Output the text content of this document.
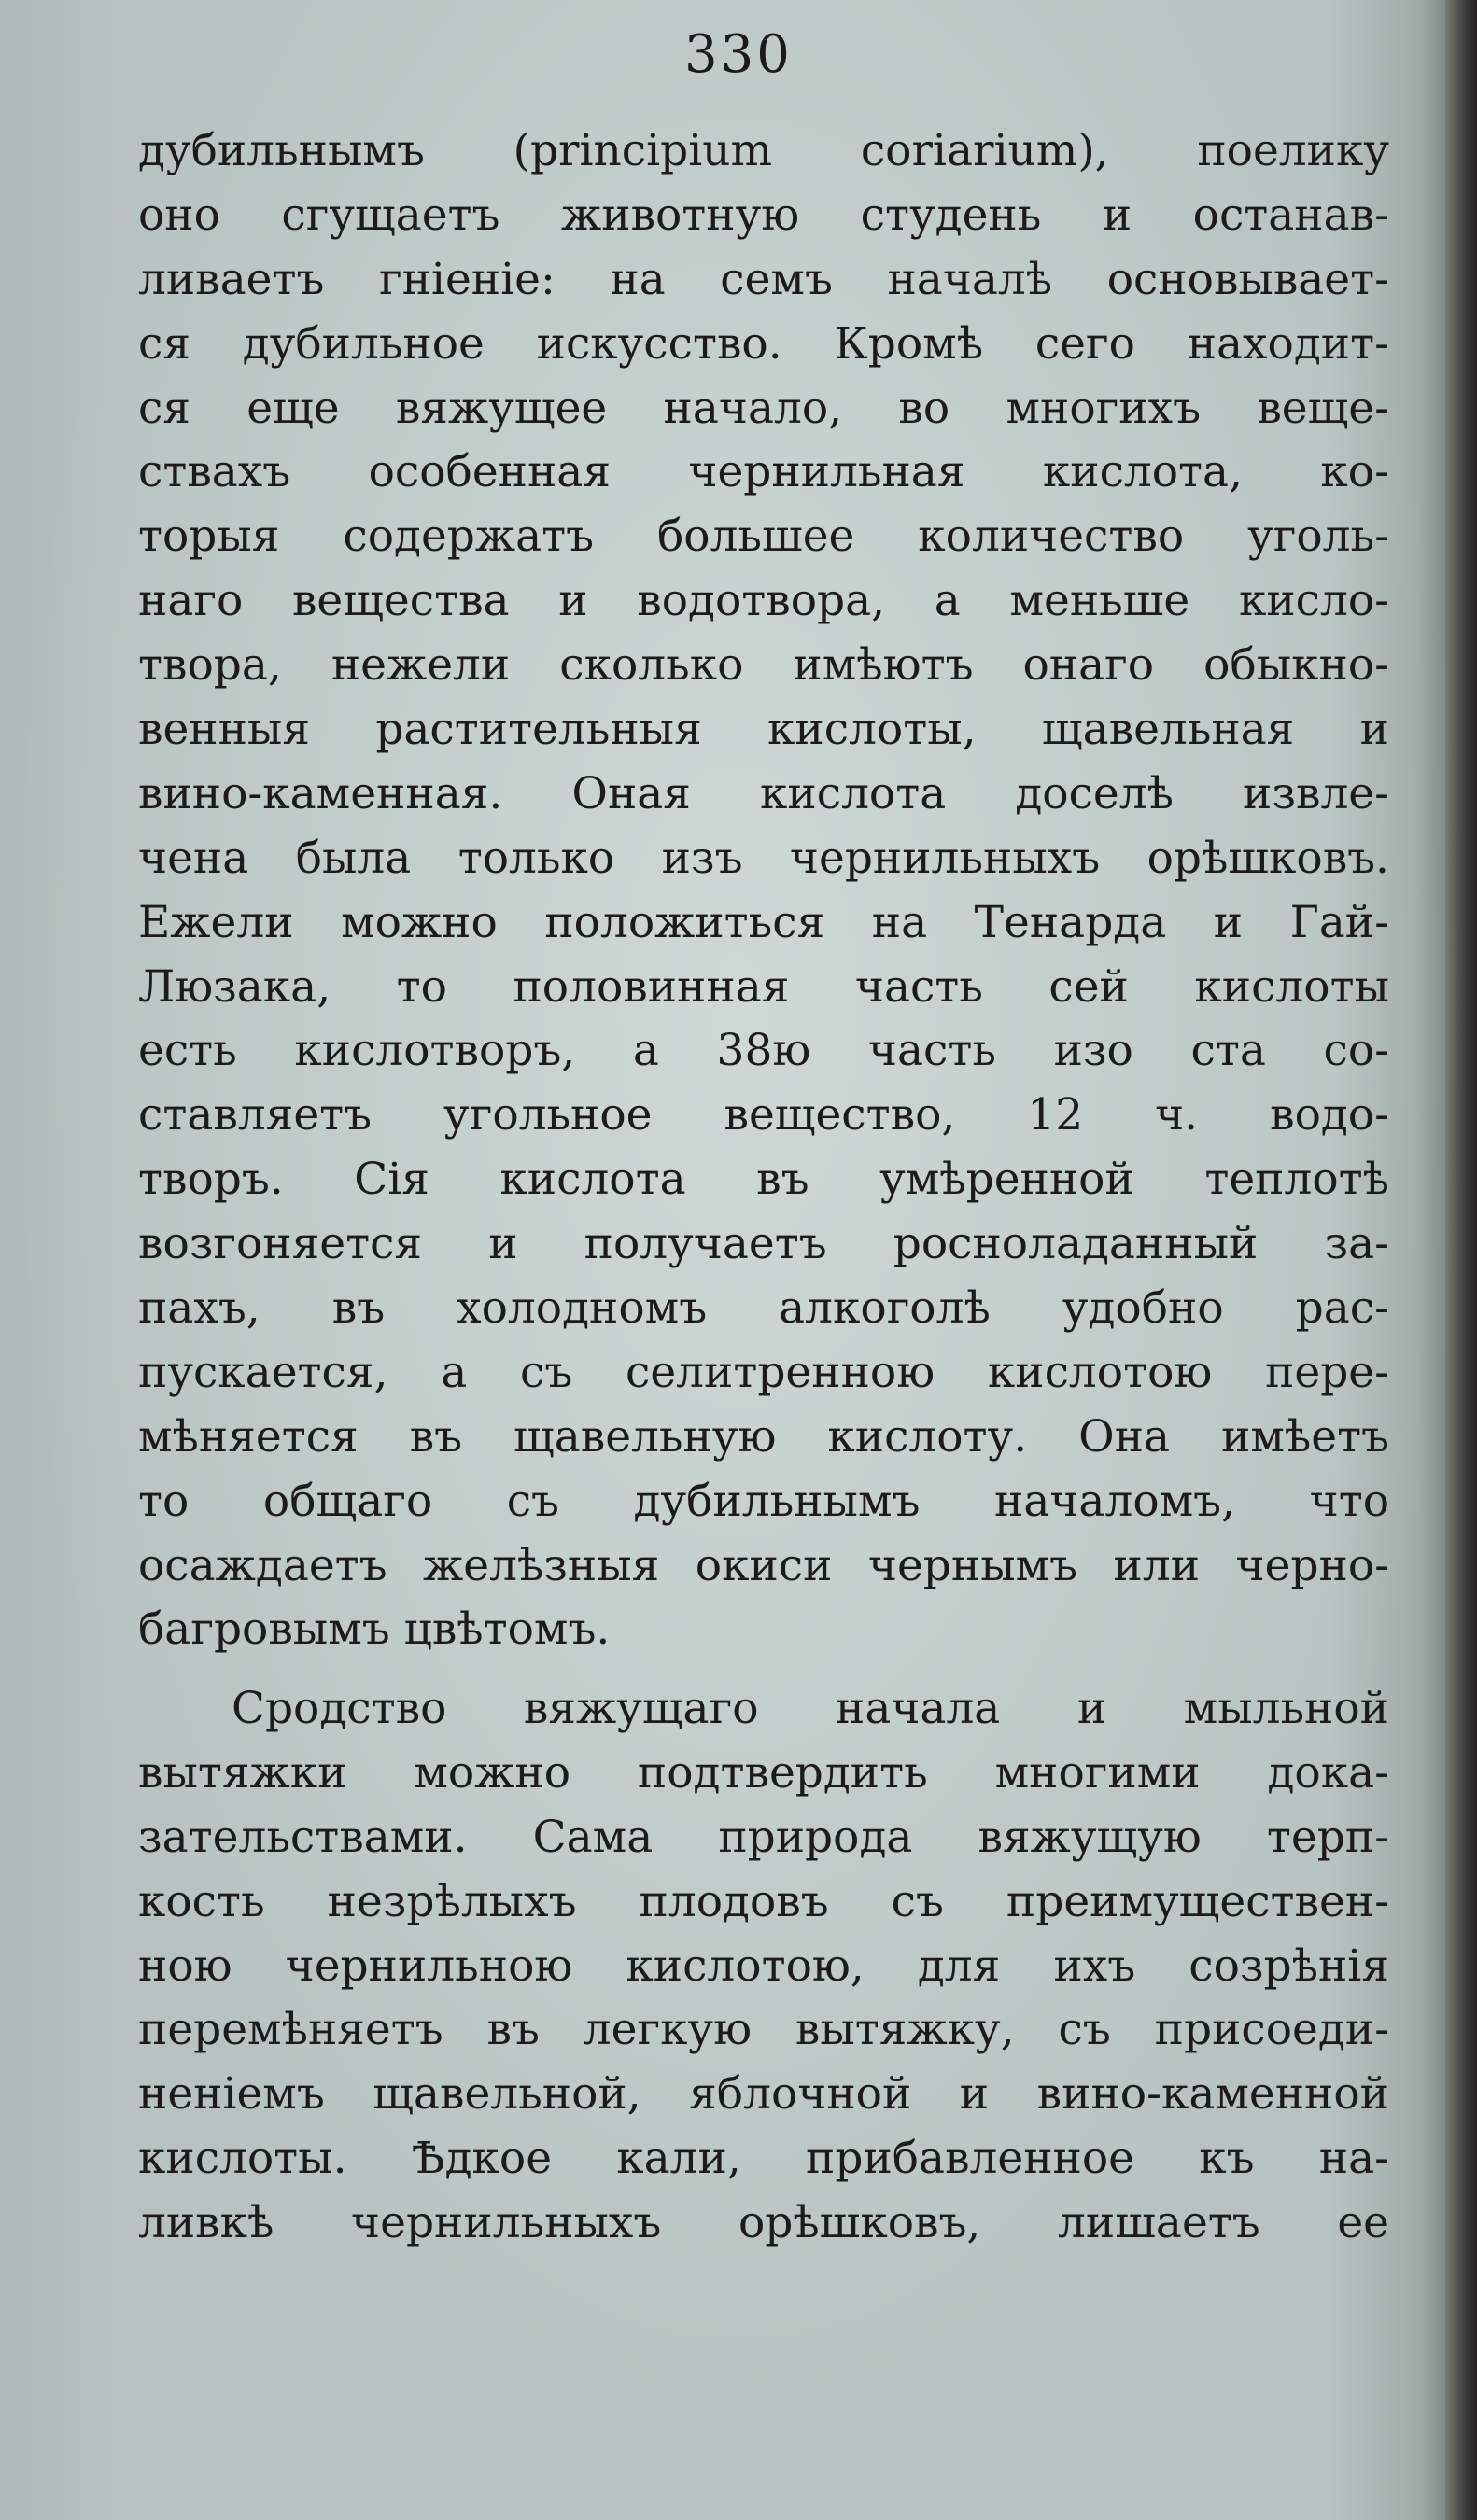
330
дубильнымъ (principium coriarium), поелику
оно сгущаетъ животную студень и останав-
ливаетъ гніеніе: на семъ началѣ основывает-
ся дубильное искусство. Кромѣ сего находит-
ся еще вяжущее начало, во многихъ веще-
ствахъ особенная чернильная кислота, ко-
торыя содержатъ большее количество уголь-
наго вещества и водотвора, а меньше кисло-
твора, нежели сколько имѣютъ онаго обыкно-
венныя растительныя кислоты, щавельная и
вино-каменная. Оная кислота доселѣ извле-
чена была только изъ чернильныхъ орѣшковъ.
Ежели можно положиться на Тенарда и Гай-
Люзака, то половинная часть сей кислоты
есть кислотворъ, а 38ю часть изо ста со-
ставляетъ угольное вещество, 12 ч. водо-
творъ. Сія кислота въ умѣренной теплотѣ
возгоняется и получаетъ росноладанный за-
пахъ, въ холодномъ алкоголѣ удобно рас-
пускается, а съ селитренною кислотою пере-
мѣняется въ щавельную кислоту. Она имѣетъ
то общаго съ дубильнымъ началомъ, что
осаждаетъ желѣзныя окиси чернымъ или черно-
багровымъ цвѣтомъ.
Сродство вяжущаго начала и мыльной
вытяжки можно подтвердить многими дока-
зательствами. Сама природа вяжущую терп-
кость незрѣлыхъ плодовъ съ преимуществен-
ною чернильною кислотою, для ихъ созрѣнія
перемѣняетъ въ легкую вытяжку, съ присоеди-
неніемъ щавельной, яблочной и вино-каменной
кислоты. Ѣдкое кали, прибавленное къ на-
ливкѣ чернильныхъ орѣшковъ, лишаетъ ее
